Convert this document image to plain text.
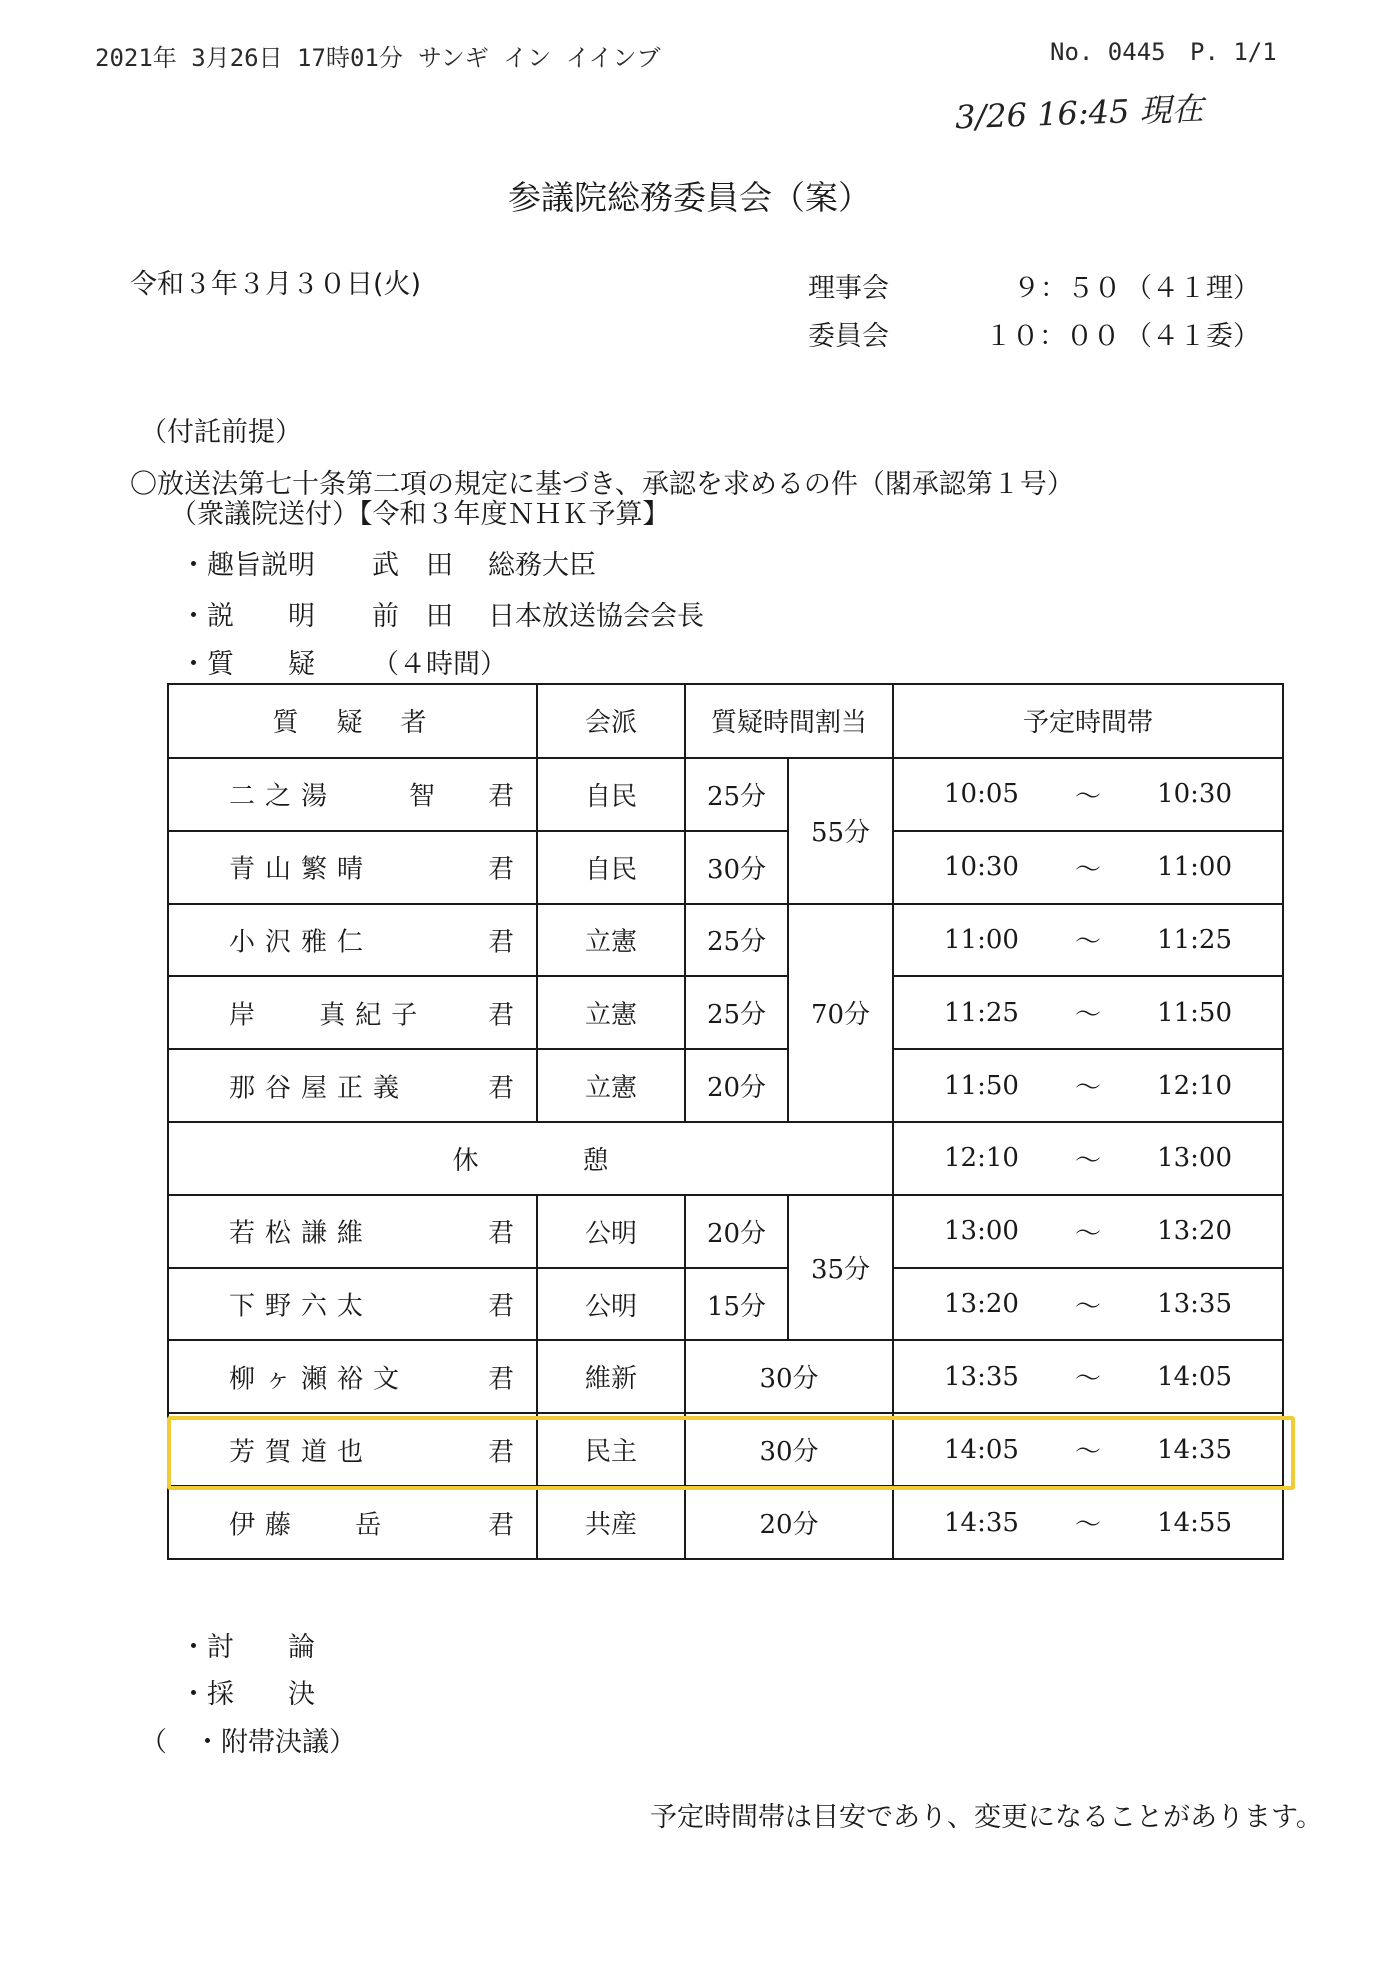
2021年 3月26日 17時01分 サンギ イン イインブ	No. 0445 P. 1/1
3/26 16:45 現在
参議院総務委員会（案）
令和３年３月３０日(火)	理事会	９：５０ （４１理）
委員会	１０：００ （４１委）
（付託前提）
〇放送法第七十条第二項の規定に基づき、承認を求めるの件（閣承認第１号）
（衆議院送付）【令和３年度ＮＨＫ予算】
・趣旨説明 武　田 総務大臣
・説　　明 前　田 日本放送協会会長
・質　　疑 （４時間）
質　疑　者	会派	質疑時間割当		予定時間帯

二之湯　　智 君	自民	25分	55分	10:05 ～ 10:30

青山繁晴 君	自民	30分		10:30 ～ 11:00

小沢雅仁 君	立憲	25分	70分	11:00 ～ 11:25

岸　 真紀子 君	立憲	25分		11:25 ～ 11:50

那谷屋正義 君	立憲	20分		11:50 ～ 12:10

休　　　　憩				12:10 ～ 13:00

若松謙維 君	公明	20分	35分	13:00 ～ 13:20

下野六太 君	公明	15分		13:20 ～ 13:35

柳ヶ瀬裕文 君	維新	30分		13:35 ～ 14:05

芳賀道也 君	民主	30分		14:05 ～ 14:35

伊藤　 岳 君	共産	20分		14:35 ～ 14:55
・討　　論
・採　　決
（　・附帯決議）
予定時間帯は目安であり、変更になることがあります。
